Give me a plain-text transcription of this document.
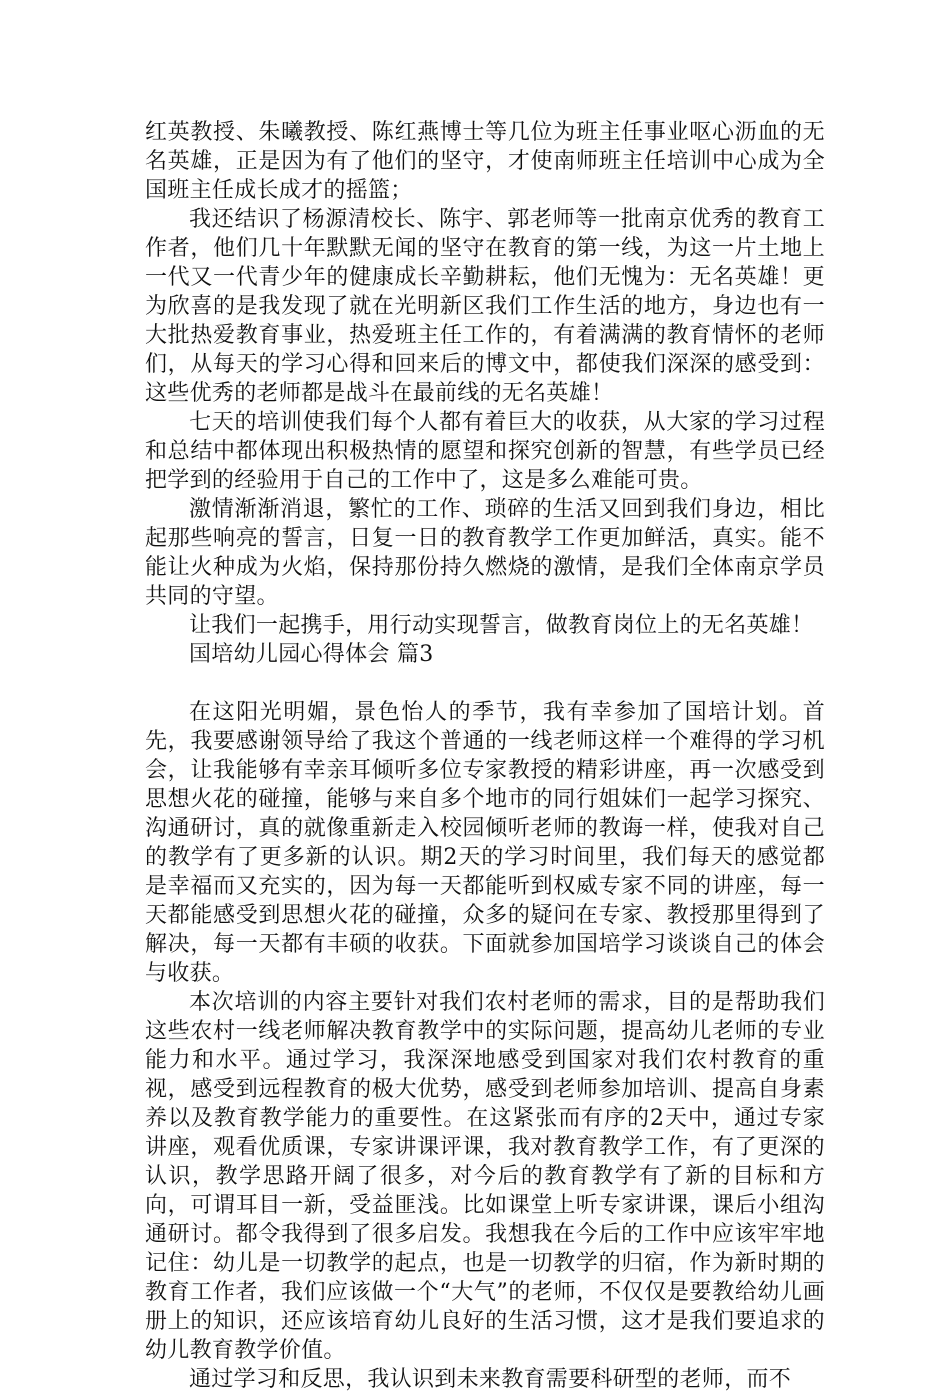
红英教授、朱曦教授、陈红燕博士等几位为班主任事业呕心沥血的无名英雄，正是因为有了他们的坚守，才使南师班主任培训中心成为全国班主任成长成才的摇篮；

我还结识了杨源清校长、陈宇、郭老师等一批南京优秀的教育工作者，他们几十年默默无闻的坚守在教育的第一线，为这一片土地上一代又一代青少年的健康成长辛勤耕耘，他们无愧为：无名英雄！更为欣喜的是我发现了就在光明新区我们工作生活的地方，身边也有一大批热爱教育事业，热爱班主任工作的，有着满满的教育情怀的老师们，从每天的学习心得和回来后的博文中，都使我们深深的感受到：这些优秀的老师都是战斗在最前线的无名英雄！

七天的培训使我们每个人都有着巨大的收获，从大家的学习过程和总结中都体现出积极热情的愿望和探究创新的智慧，有些学员已经把学到的经验用于自己的工作中了，这是多么难能可贵。

激情渐渐消退，繁忙的工作、琐碎的生活又回到我们身边，相比起那些响亮的誓言，日复一日的教育教学工作更加鲜活，真实。能不能让火种成为火焰，保持那份持久燃烧的激情，是我们全体南京学员共同的守望。

让我们一起携手，用行动实现誓言，做教育岗位上的无名英雄！

国培幼儿园心得体会 篇3

在这阳光明媚，景色怡人的季节，我有幸参加了国培计划。首先，我要感谢领导给了我这个普通的一线老师这样一个难得的学习机会，让我能够有幸亲耳倾听多位专家教授的精彩讲座，再一次感受到思想火花的碰撞，能够与来自多个地市的同行姐妹们一起学习探究、沟通研讨，真的就像重新走入校园倾听老师的教诲一样，使我对自己的教学有了更多新的认识。期2天的学习时间里，我们每天的感觉都是幸福而又充实的，因为每一天都能听到权威专家不同的讲座，每一天都能感受到思想火花的碰撞，众多的疑问在专家、教授那里得到了解决，每一天都有丰硕的收获。下面就参加国培学习谈谈自己的体会与收获。

本次培训的内容主要针对我们农村老师的需求，目的是帮助我们这些农村一线老师解决教育教学中的实际问题，提高幼儿老师的专业能力和水平。通过学习，我深深地感受到国家对我们农村教育的重视，感受到远程教育的极大优势，感受到老师参加培训、提高自身素养以及教育教学能力的重要性。在这紧张而有序的2天中，通过专家讲座，观看优质课，专家讲课评课，我对教育教学工作，有了更深的认识，教学思路开阔了很多，对今后的教育教学有了新的目标和方向，可谓耳目一新，受益匪浅。比如课堂上听专家讲课，课后小组沟通研讨。都令我得到了很多启发。我想我在今后的工作中应该牢牢地记住：幼儿是一切教学的起点，也是一切教学的归宿，作为新时期的教育工作者，我们应该做一个“大气”的老师，不仅仅是要教给幼儿画册上的知识，还应该培育幼儿良好的生活习惯，这才是我们要追求的幼儿教育教学价值。

通过学习和反思，我认识到未来教育需要科研型的老师，而不
